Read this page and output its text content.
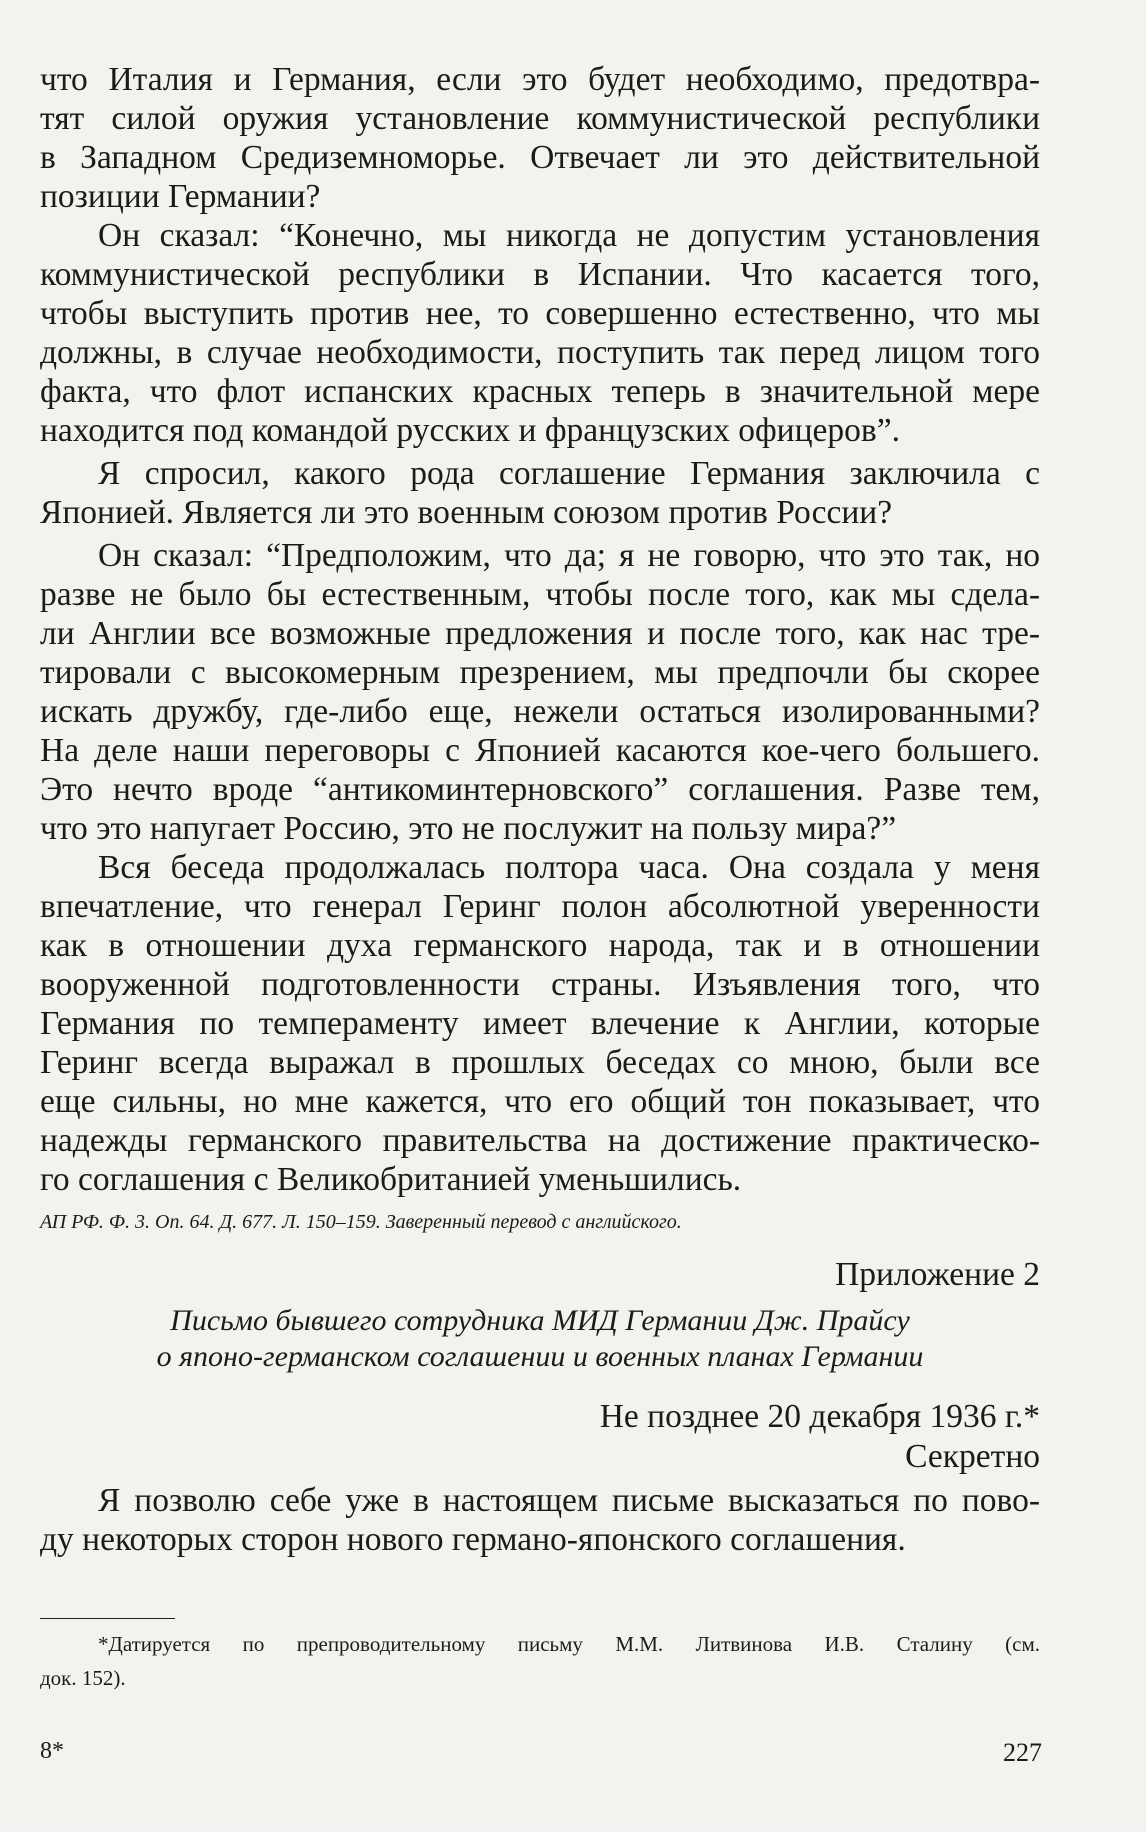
что Италия и Германия, если это будет необходимо, предотвра-
тят силой оружия установление коммунистической республики
в Западном Средиземноморье. Отвечает ли это действительной
позиции Германии?

Он сказал: “Конечно, мы никогда не допустим установления
коммунистической республики в Испании. Что касается того,
чтобы выступить против нее, то совершенно естественно, что мы
должны, в случае необходимости, поступить так перед лицом того
факта, что флот испанских красных теперь в значительной мере
находится под командой русских и французских офицеров”.

Я спросил, какого рода соглашение Германия заключила с
Японией. Является ли это военным союзом против России?

Он сказал: “Предположим, что да; я не говорю, что это так, но
разве не было бы естественным, чтобы после того, как мы сдела-
ли Англии все возможные предложения и после того, как нас тре-
тировали с высокомерным презрением, мы предпочли бы скорее
искать дружбу, где-либо еще, нежели остаться изолированными?
На деле наши переговоры с Японией касаются кое-чего большего.
Это нечто вроде “антикоминтерновского” соглашения. Разве тем,
что это напугает Россию, это не послужит на пользу мира?”

Вся беседа продолжалась полтора часа. Она создала у меня
впечатление, что генерал Геринг полон абсолютной уверенности
как в отношении духа германского народа, так и в отношении
вооруженной подготовленности страны. Изъявления того, что
Германия по темпераменту имеет влечение к Англии, которые
Геринг всегда выражал в прошлых беседах со мною, были все
еще сильны, но мне кажется, что его общий тон показывает, что
надежды германского правительства на достижение практическо-
го соглашения с Великобританией уменьшились.

АП РФ. Ф. 3. Оп. 64. Д. 677. Л. 150–159. Заверенный перевод с английского.

Приложение 2

Письмо бывшего сотрудника МИД Германии Дж. Прайсу

о японо-германском соглашении и военных планах Германии

Не позднее 20 декабря 1936 г.*

Секретно

Я позволю себе уже в настоящем письме высказаться по пово-
ду некоторых сторон нового германо-японского соглашения.

*Датируется по препроводительному письму М.М. Литвинова И.В. Сталину (см.
док. 152).

8*	227
